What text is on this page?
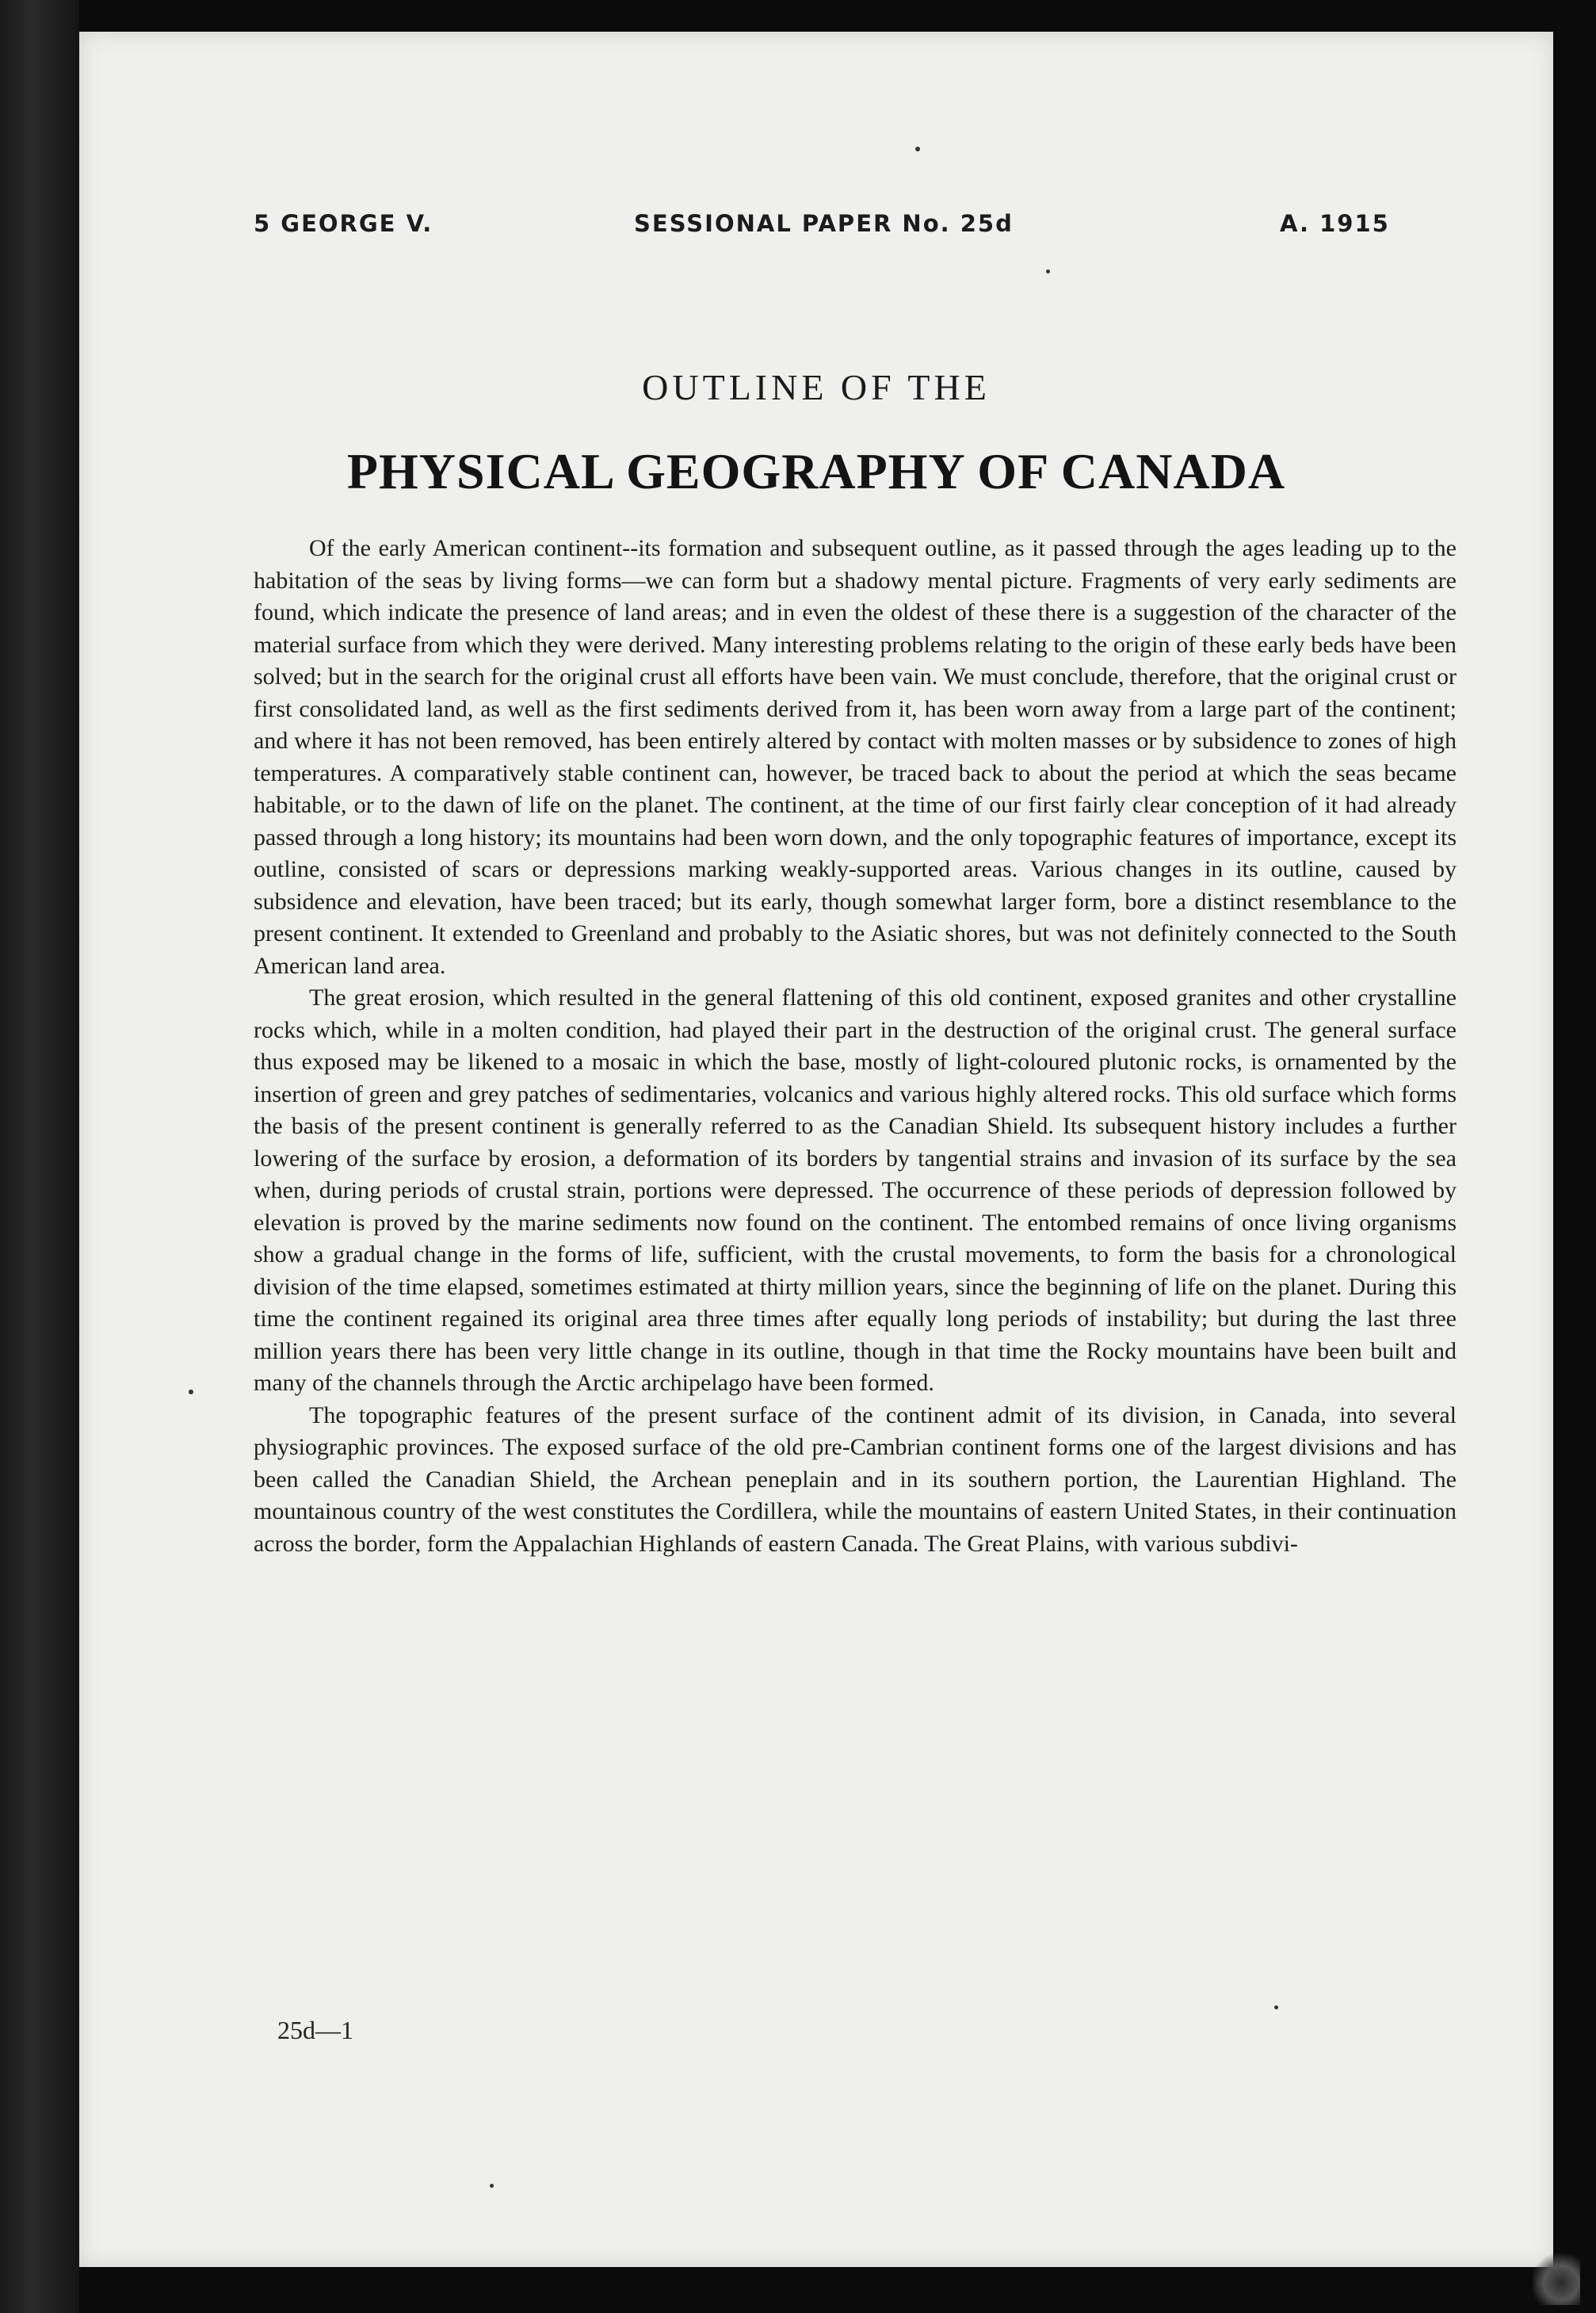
5 GEORGE V.	SESSIONAL PAPER No. 25d	A. 1915
OUTLINE OF THE
PHYSICAL GEOGRAPHY OF CANADA

Of the early American continent--its formation and subsequent outline, as it passed through the ages leading up to the habitation of the seas by living forms—we can form but a shadowy mental picture. Fragments of very early sediments are found, which indicate the presence of land areas; and in even the oldest of these there is a suggestion of the character of the material surface from which they were derived. Many interesting problems relating to the origin of these early beds have been solved; but in the search for the original crust all efforts have been vain. We must conclude, therefore, that the original crust or first consolidated land, as well as the first sediments derived from it, has been worn away from a large part of the continent; and where it has not been removed, has been entirely altered by contact with molten masses or by subsidence to zones of high temperatures. A comparatively stable continent can, however, be traced back to about the period at which the seas became habitable, or to the dawn of life on the planet. The continent, at the time of our first fairly clear conception of it had already passed through a long history; its mountains had been worn down, and the only topographic features of importance, except its outline, consisted of scars or depressions marking weakly-supported areas. Various changes in its outline, caused by subsidence and elevation, have been traced; but its early, though somewhat larger form, bore a distinct resemblance to the present continent. It extended to Greenland and probably to the Asiatic shores, but was not definitely connected to the South American land area.

The great erosion, which resulted in the general flattening of this old continent, exposed granites and other crystalline rocks which, while in a molten condition, had played their part in the destruction of the original crust. The general surface thus exposed may be likened to a mosaic in which the base, mostly of light-coloured plutonic rocks, is ornamented by the insertion of green and grey patches of sedimentaries, volcanics and various highly altered rocks. This old surface which forms the basis of the present continent is generally referred to as the Canadian Shield. Its subsequent history includes a further lowering of the surface by erosion, a deformation of its borders by tangential strains and invasion of its surface by the sea when, during periods of crustal strain, portions were depressed. The occurrence of these periods of depression followed by elevation is proved by the marine sediments now found on the continent. The entombed remains of once living organisms show a gradual change in the forms of life, sufficient, with the crustal movements, to form the basis for a chronological division of the time elapsed, sometimes estimated at thirty million years, since the beginning of life on the planet. During this time the continent regained its original area three times after equally long periods of instability; but during the last three million years there has been very little change in its outline, though in that time the Rocky mountains have been built and many of the channels through the Arctic archipelago have been formed.

The topographic features of the present surface of the continent admit of its division, in Canada, into several physiographic provinces. The exposed surface of the old pre-Cambrian continent forms one of the largest divisions and has been called the Canadian Shield, the Archean peneplain and in its southern portion, the Laurentian Highland. The mountainous country of the west constitutes the Cordillera, while the mountains of eastern United States, in their continuation across the border, form the Appalachian Highlands of eastern Canada. The Great Plains, with various subdivi-

25d—1
